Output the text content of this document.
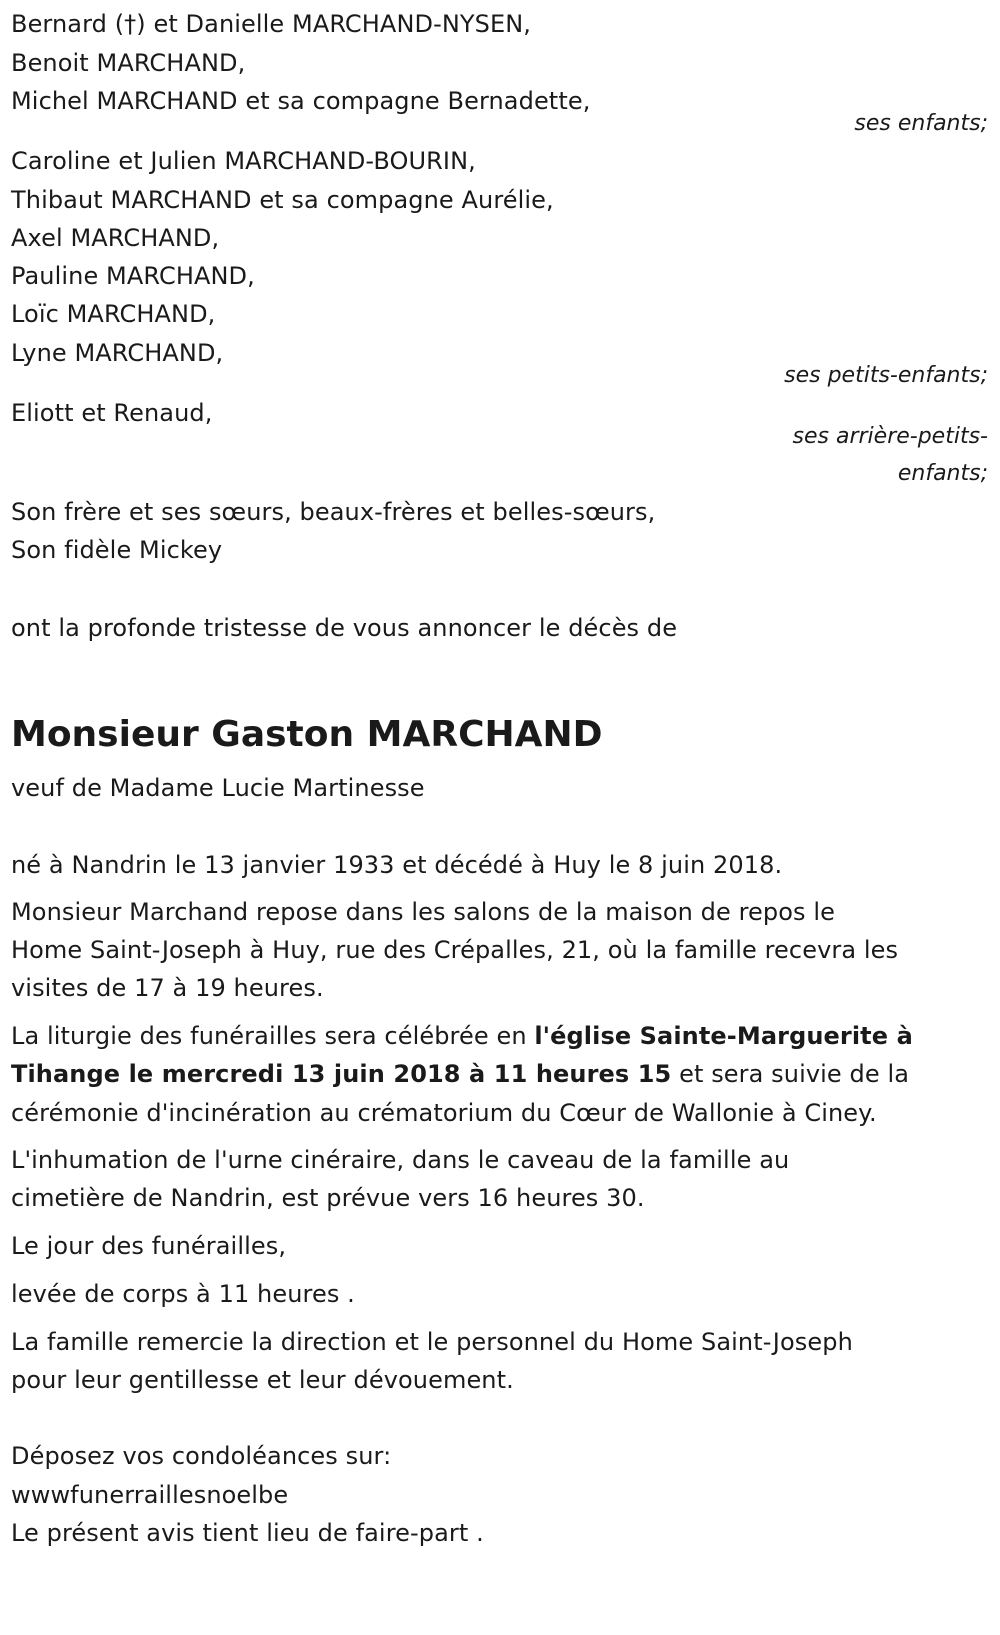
Bernard (†) et Danielle MARCHAND-NYSEN,
Benoit MARCHAND,
Michel MARCHAND et sa compagne Bernadette,
ses enfants;
Caroline et Julien MARCHAND-BOURIN,
Thibaut MARCHAND et sa compagne Aurélie,
Axel MARCHAND,
Pauline MARCHAND,
Loïc MARCHAND,
Lyne MARCHAND,
ses petits-enfants;
Eliott et Renaud,
ses arrière-petits-
enfants;
Son frère et ses sœurs, beaux-frères et belles-sœurs,
Son fidèle Mickey
ont la profonde tristesse de vous annoncer le décès de
Monsieur Gaston MARCHAND
veuf de Madame Lucie Martinesse
né à Nandrin le 13 janvier 1933 et décédé à Huy le 8 juin 2018.
Monsieur Marchand repose dans les salons de la maison de repos le
Home Saint-Joseph à Huy, rue des Crépalles, 21, où la famille recevra les
visites de 17 à 19 heures.
La liturgie des funérailles sera célébrée en l'église Sainte-Marguerite à
Tihange le mercredi 13 juin 2018 à 11 heures 15 et sera suivie de la
cérémonie d'incinération au crématorium du Cœur de Wallonie à Ciney.
L'inhumation de l'urne cinéraire, dans le caveau de la famille au
cimetière de Nandrin, est prévue vers 16 heures 30.
Le jour des funérailles,
levée de corps à 11 heures .
La famille remercie la direction et le personnel du Home Saint-Joseph
pour leur gentillesse et leur dévouement.
Déposez vos condoléances sur:
wwwfunerraillesnoelbe
Le présent avis tient lieu de faire-part .
